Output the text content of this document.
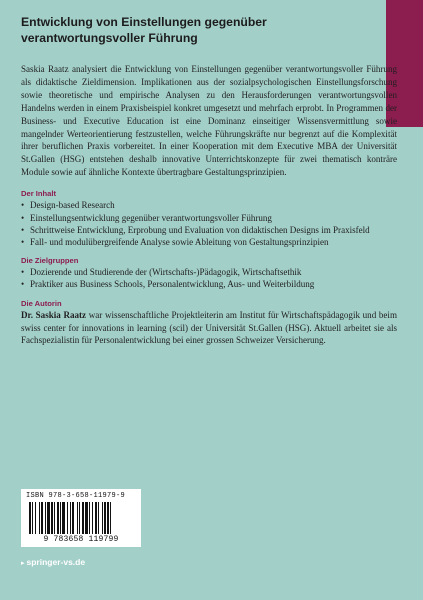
Entwicklung von Einstellungen gegenüber
verantwortungsvoller Führung

Saskia Raatz analysiert die Entwicklung von Einstellungen gegenüber verantwortungsvoller Führung als didaktische Zieldimension. Implikationen aus der sozialpsychologischen Einstellungsforschung sowie theoretische und empirische Analysen zu den Herausforderungen verantwortungsvollen Handelns werden in einem Praxisbeispiel konkret umgesetzt und mehrfach erprobt. In Programmen der Business- und Executive Education ist eine Dominanz einseitiger Wissensvermittlung sowie mangelnder Werteorientierung festzustellen, welche Führungskräfte nur begrenzt auf die Komplexität ihrer beruflichen Praxis vorbereitet. In einer Kooperation mit dem Executive MBA der Universität St.Gallen (HSG) entstehen deshalb innovative Unterrichtskonzepte für zwei thematisch konträre Module sowie auf ähnliche Kontexte übertragbare Gestaltungsprinzipien.

Der Inhalt
• Design-based Research
• Einstellungsentwicklung gegenüber verantwortungsvoller Führung
• Schrittweise Entwicklung, Erprobung und Evaluation von didaktischen Designs im Praxisfeld
• Fall- und modulübergreifende Analyse sowie Ableitung von Gestaltungsprinzipien
Die Zielgruppen
• Dozierende und Studierende der (Wirtschafts-)Pädagogik, Wirtschaftsethik
• Praktiker aus Business Schools, Personalentwicklung, Aus- und Weiterbildung
Die Autorin

Dr. Saskia Raatz war wissenschaftliche Projektleiterin am Institut für Wirtschaftspädagogik und beim swiss center for innovations in learning (scil) der Universität St.Gallen (HSG). Aktuell arbeitet sie als Fachspezialistin für Personalentwicklung bei einer grossen Schweizer Versicherung.

ISBN 978-3-658-11979-9
9 783658 119799
▸ springer-vs.de
